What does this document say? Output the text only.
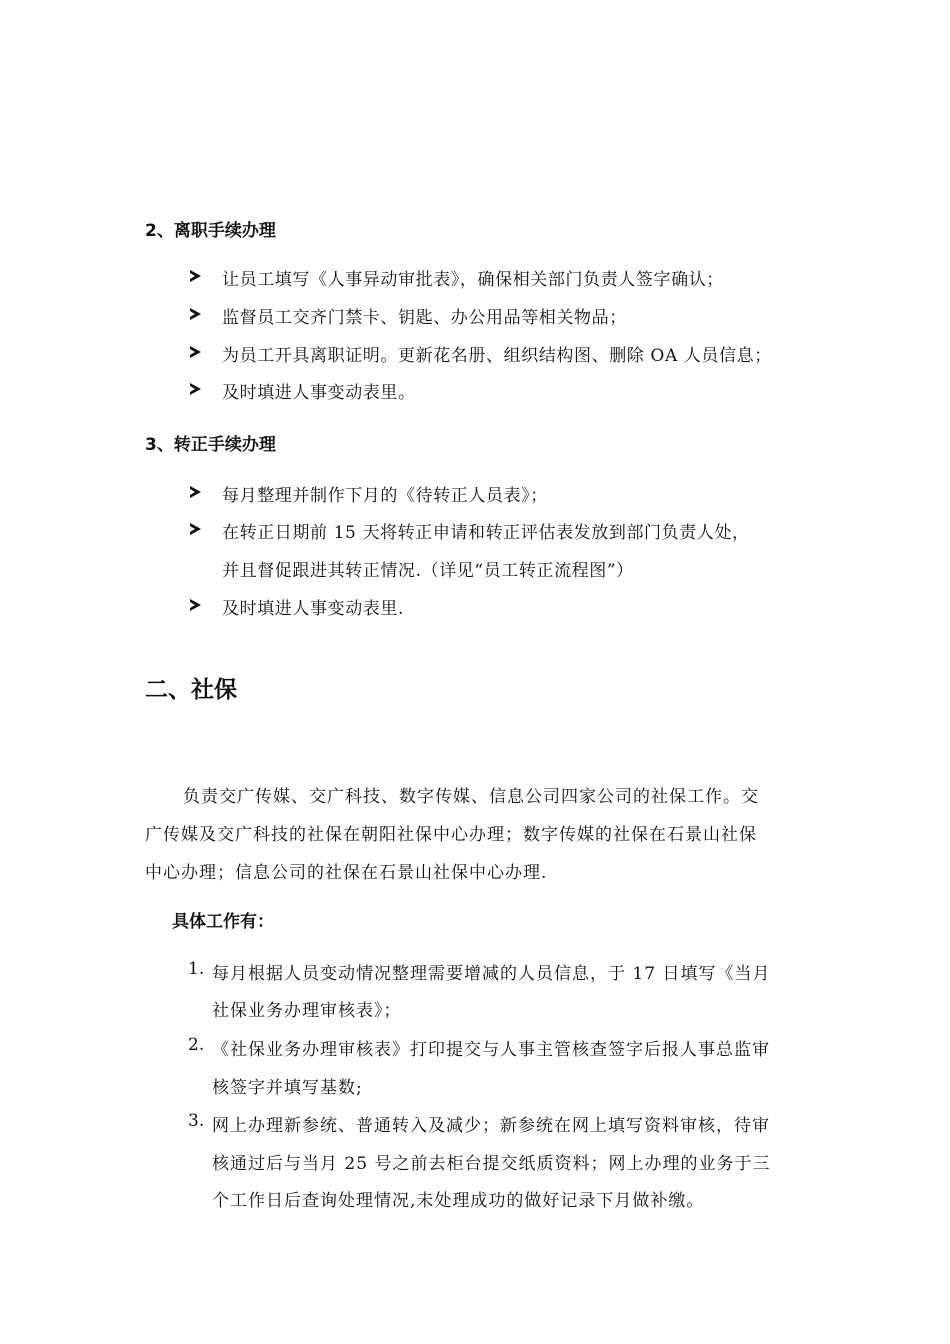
2、离职手续办理
让员工填写《人事异动审批表》，确保相关部门负责人签字确认；
监督员工交齐门禁卡、钥匙、办公用品等相关物品；
为员工开具离职证明。更新花名册、组织结构图、删除 OA 人员信息；
及时填进人事变动表里。
3、转正手续办理
每月整理并制作下月的《待转正人员表》；
在转正日期前 15 天将转正申请和转正评估表发放到部门负责人处，
并且督促跟进其转正情况.（详见“员工转正流程图”）
及时填进人事变动表里.
二、社保
负责交广传媒、交广科技、数字传媒、信息公司四家公司的社保工作。交
广传媒及交广科技的社保在朝阳社保中心办理；数字传媒的社保在石景山社保
中心办理；信息公司的社保在石景山社保中心办理.
具体工作有：
1. 每月根据人员变动情况整理需要增减的人员信息，于 17 日填写《当月
社保业务办理审核表》；
2. 《社保业务办理审核表》打印提交与人事主管核查签字后报人事总监审
核签字并填写基数;
3. 网上办理新参统、普通转入及减少；新参统在网上填写资料审核，待审
核通过后与当月 25 号之前去柜台提交纸质资料；网上办理的业务于三
个工作日后查询处理情况,未处理成功的做好记录下月做补缴。
